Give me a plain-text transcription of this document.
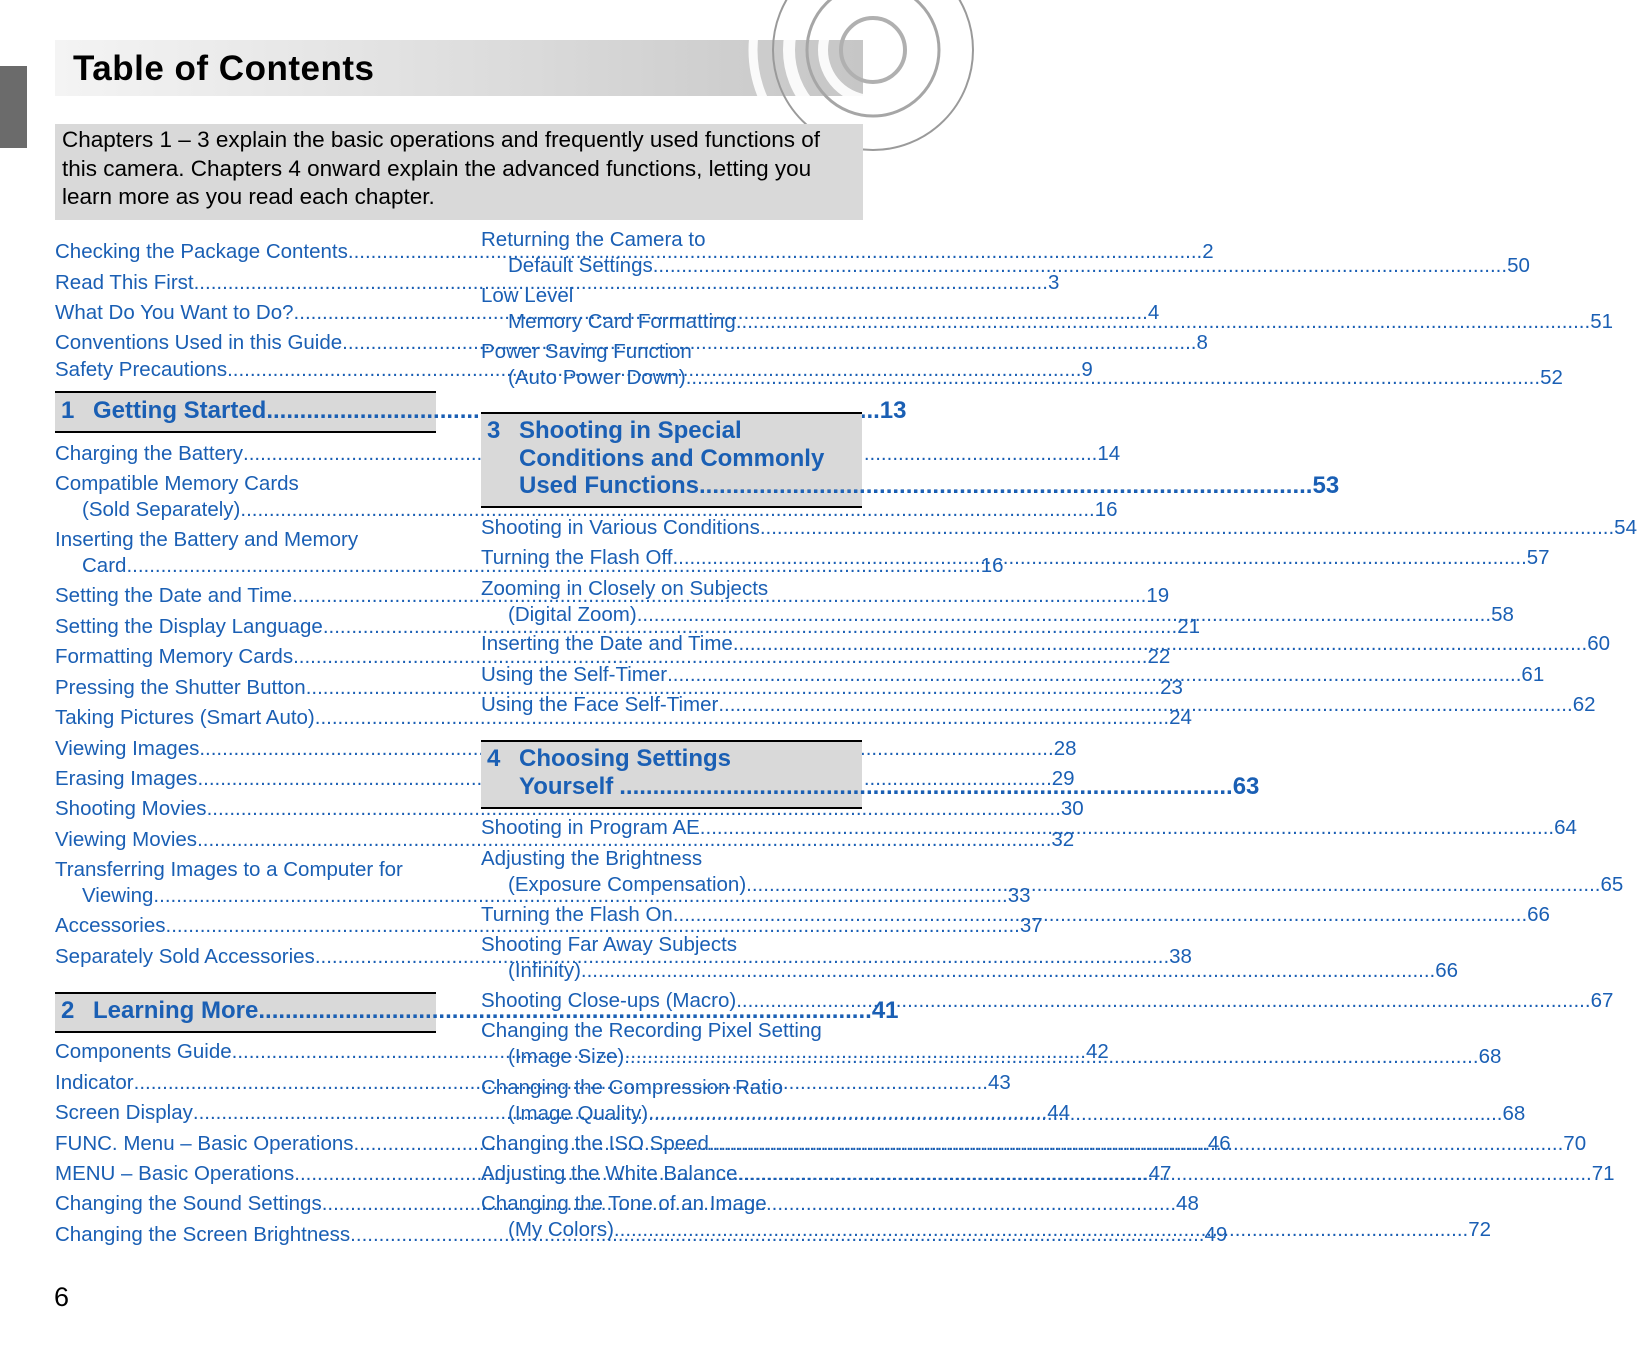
Table of Contents
Chapters 1 – 3 explain the basic operations and frequently used functions of this camera. Chapters 4 onward explain the advanced functions, letting you learn more as you read each chapter.
Checking the Package Contents .....	2
Read This First .....	3
What Do You Want to Do? .....	4
Conventions Used in this Guide .....	8
Safety Precautions .....	9
1 Getting Started .....	13
Charging the Battery .....	14
Compatible Memory Cards
(Sold Separately) .....	16
Inserting the Battery and Memory
Card .....	16
Setting the Date and Time .....	19
Setting the Display Language .....	21
Formatting Memory Cards .....	22
Pressing the Shutter Button .....	23
Taking Pictures (Smart Auto) .....	24
Viewing Images .....	28
Erasing Images .....	29
Shooting Movies .....	30
Viewing Movies .....	32
Transferring Images to a Computer for
Viewing .....	33
Accessories .....	37
Separately Sold Accessories .....	38
2 Learning More .....	41
Components Guide .....	42
Indicator .....	43
Screen Display .....	44
FUNC. Menu – Basic Operations .....	46
MENU – Basic Operations .....	47
Changing the Sound Settings .....	48
Changing the Screen Brightness .....	49
Returning the Camera to
Default Settings .....	50
Low Level
Memory Card Formatting .....	51
Power Saving Function
(Auto Power Down) .....	52
3 Shooting in Special
Conditions and Commonly
Used Functions .....	53
Shooting in Various Conditions .....	54
Turning the Flash Off .....	57
Zooming in Closely on Subjects
(Digital Zoom) .....	58
Inserting the Date and Time .....	60
Using the Self-Timer .....	61
Using the Face Self-Timer .....	62
4 Choosing Settings
Yourself .....	63
Shooting in Program AE .....	64
Adjusting the Brightness
(Exposure Compensation) .....	65
Turning the Flash On .....	66
Shooting Far Away Subjects
(Infinity) .....	66
Shooting Close-ups (Macro) .....	67
Changing the Recording Pixel Setting
(Image Size) .....	68
Changing the Compression Ratio
(Image Quality) .....	68
Changing the ISO Speed .....	70
Adjusting the White Balance .....	71
Changing the Tone of an Image
(My Colors) .....	72
6
